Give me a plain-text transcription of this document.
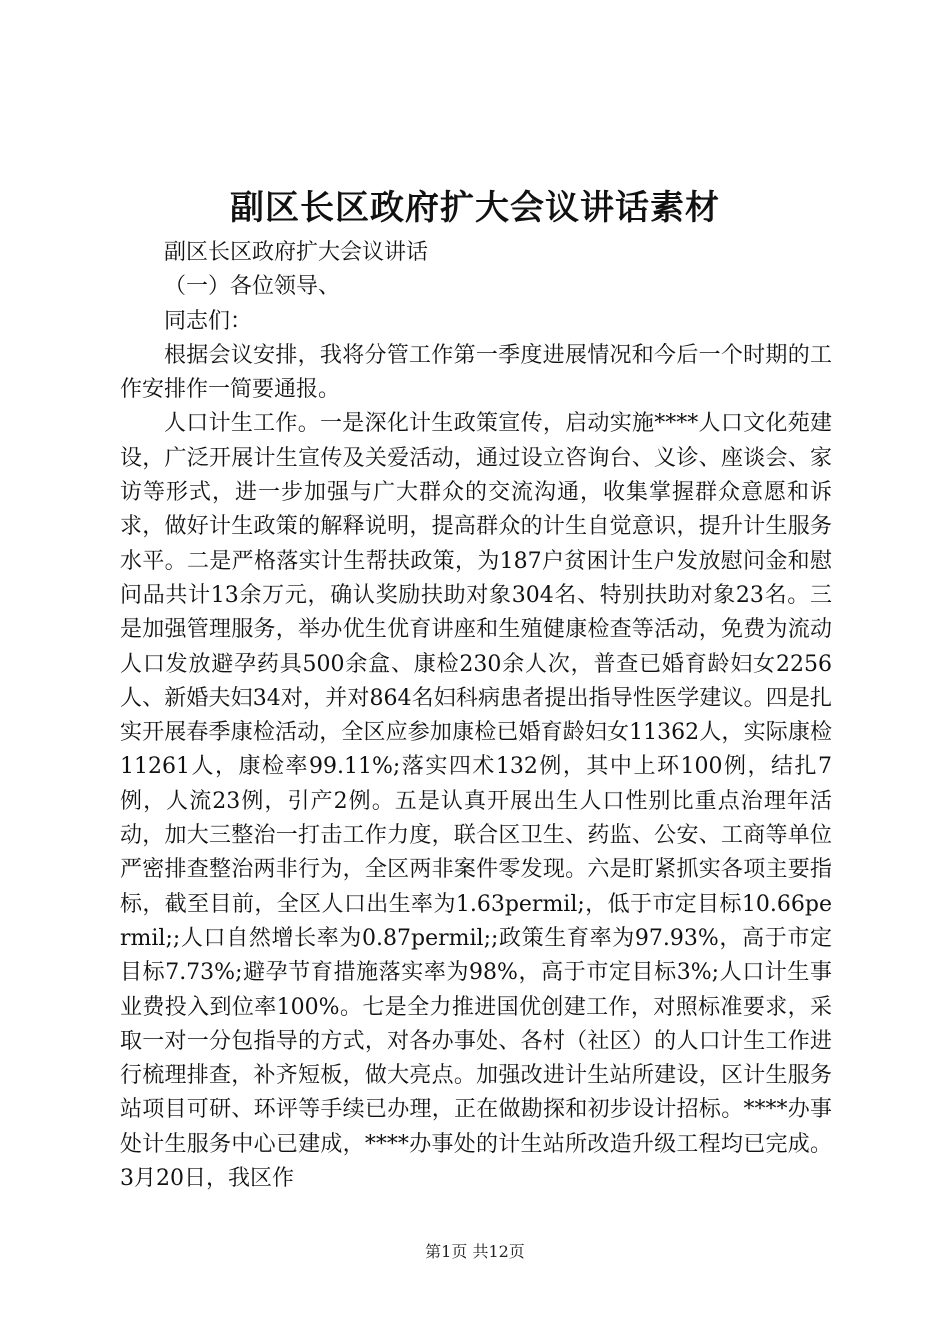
副区长区政府扩大会议讲话素材

副区长区政府扩大会议讲话

（一）各位领导、

同志们：

根据会议安排，我将分管工作第一季度进展情况和今后一个时期的工作安排作一简要通报。

人口计生工作。一是深化计生政策宣传，启动实施****人口文化苑建设，广泛开展计生宣传及关爱活动，通过设立咨询台、义诊、座谈会、家访等形式，进一步加强与广大群众的交流沟通，收集掌握群众意愿和诉求，做好计生政策的解释说明，提高群众的计生自觉意识，提升计生服务水平。二是严格落实计生帮扶政策，为187户贫困计生户发放慰问金和慰问品共计13余万元，确认奖励扶助对象304名、特别扶助对象23名。三是加强管理服务，举办优生优育讲座和生殖健康检查等活动，免费为流动人口发放避孕药具500余盒、康检230余人次，普查已婚育龄妇女2256人、新婚夫妇34对，并对864名妇科病患者提出指导性医学建议。四是扎实开展春季康检活动，全区应参加康检已婚育龄妇女11362人，实际康检11261人，康检率99.11%;落实四术132例，其中上环100例，结扎7例，人流23例，引产2例。五是认真开展出生人口性别比重点治理年活动，加大三整治一打击工作力度，联合区卫生、药监、公安、工商等单位严密排查整治两非行为，全区两非案件零发现。六是盯紧抓实各项主要指标，截至目前，全区人口出生率为1.63permil;，低于市定目标10.66permil;;人口自然增长率为0.87permil;;政策生育率为97.93%，高于市定目标7.73%;避孕节育措施落实率为98%，高于市定目标3%;人口计生事业费投入到位率100%。七是全力推进国优创建工作，对照标准要求，采取一对一分包指导的方式，对各办事处、各村（社区）的人口计生工作进行梳理排查，补齐短板，做大亮点。加强改进计生站所建设，区计生服务站项目可研、环评等手续已办理，正在做勘探和初步设计招标。****办事处计生服务中心已建成，****办事处的计生站所改造升级工程均已完成。3月20日，我区作

第1页 共12页
